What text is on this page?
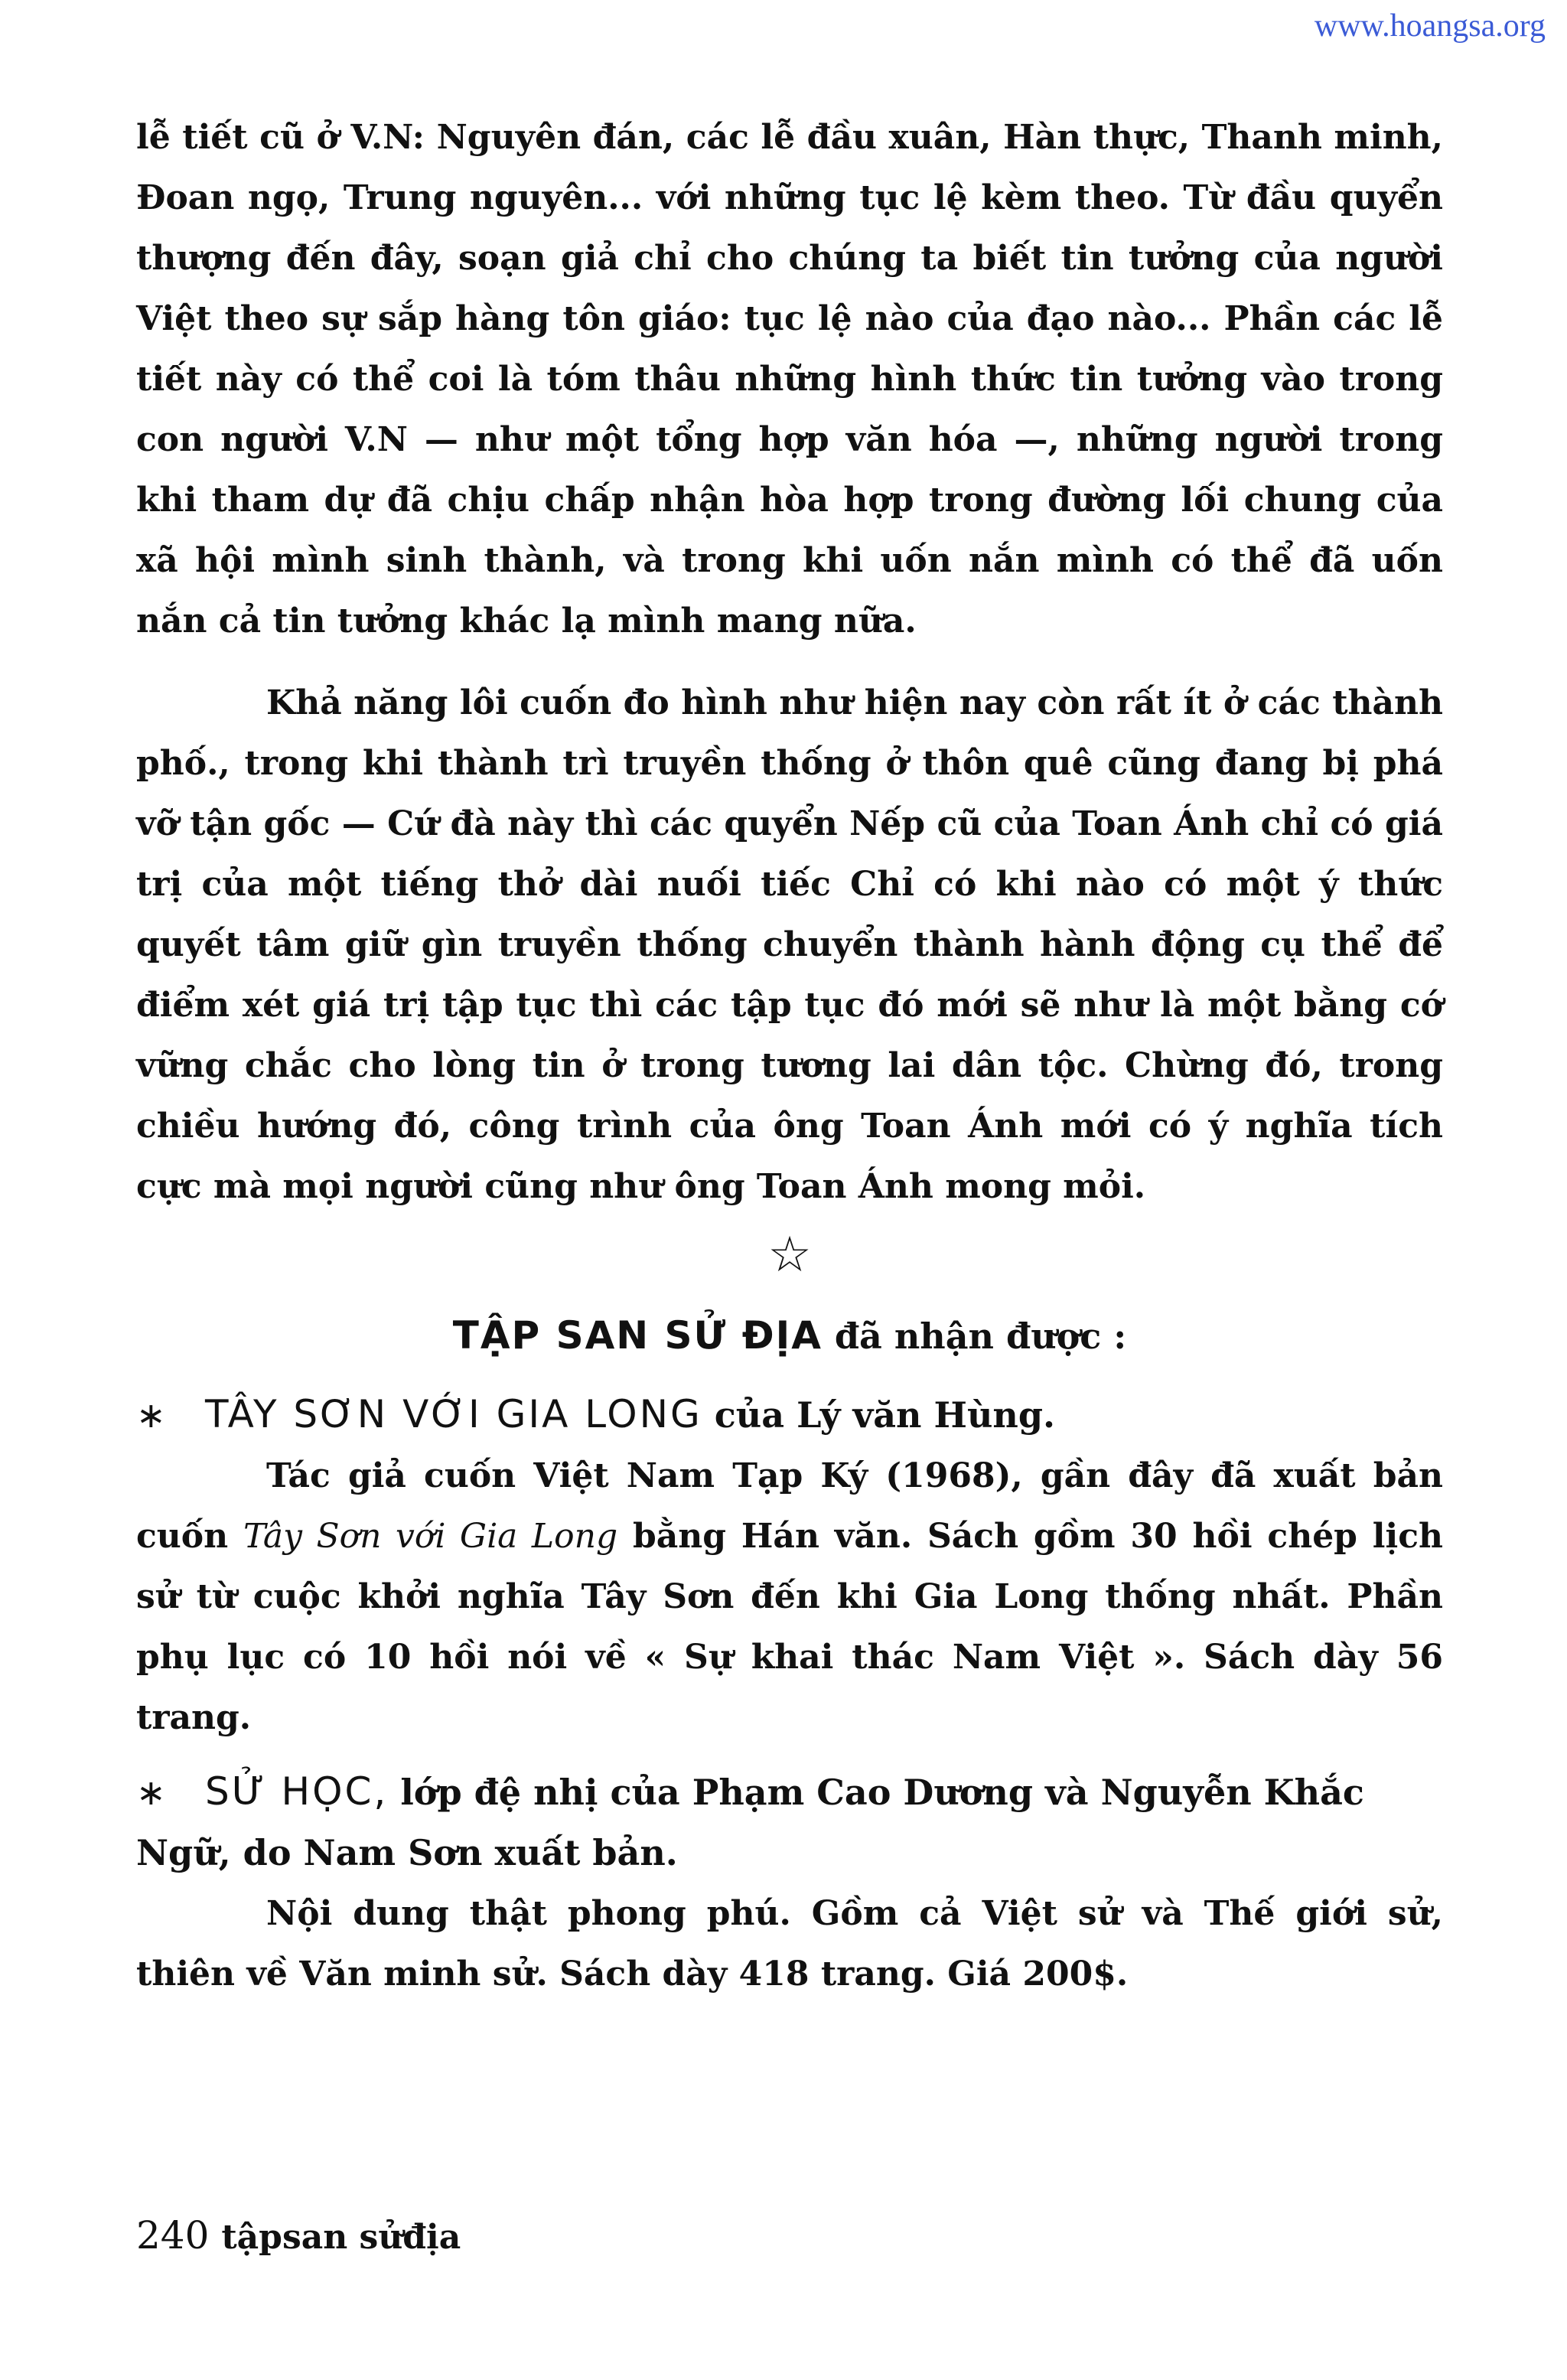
www.hoangsa.org

lễ tiết cũ ở V.N: Nguyên đán, các lễ đầu xuân, Hàn thực, Thanh minh, Đoan ngọ, Trung nguyên... với những tục lệ kèm theo. Từ đầu quyển thượng đến đây, soạn giả chỉ cho chúng ta biết tin tưởng của người Việt theo sự sắp hàng tôn giáo: tục lệ nào của đạo nào... Phần các lễ tiết này có thể coi là tóm thâu những hình thức tin tưởng vào trong con người V.N — như một tổng hợp văn hóa —, những người trong khi tham dự đã chịu chấp nhận hòa hợp trong đường lối chung của xã hội mình sinh thành, và trong khi uốn nắn mình có thể đã uốn nắn cả tin tưởng khác lạ mình mang nữa.

Khả năng lôi cuốn đo hình như hiện nay còn rất ít ở các thành phố., trong khi thành trì truyền thống ở thôn quê cũng đang bị phá vỡ tận gốc — Cứ đà này thì các quyển Nếp cũ của Toan Ánh chỉ có giá trị của một tiếng thở dài nuối tiếc Chỉ có khi nào có một ý thức quyết tâm giữ gìn truyền thống chuyển thành hành động cụ thể để điểm xét giá trị tập tục thì các tập tục đó mới sẽ như là một bằng cớ vững chắc cho lòng tin ở trong tương lai dân tộc. Chừng đó, trong chiều hướng đó, công trình của ông Toan Ánh mới có ý nghĩa tích cực mà mọi người cũng như ông Toan Ánh mong mỏi.

☆
TẬP SAN SỬ ĐỊA đã nhận được :
∗ TÂY SƠN VỚI GIA LONG của Lý văn Hùng.

Tác giả cuốn Việt Nam Tạp Ký (1968), gần đây đã xuất bản cuốn Tây Sơn với Gia Long bằng Hán văn. Sách gồm 30 hồi chép lịch sử từ cuộc khởi nghĩa Tây Sơn đến khi Gia Long thống nhất. Phần phụ lục có 10 hồi nói về « Sự khai thác Nam Việt ». Sách dày 56 trang.

∗ SỬ HỌC, lớp đệ nhị của Phạm Cao Dương và Nguyễn Khắc Ngữ, do Nam Sơn xuất bản.

Nội dung thật phong phú. Gồm cả Việt sử và Thế giới sử, thiên về Văn minh sử. Sách dày 418 trang. Giá 200$.

240 tậpsan sửđịa
